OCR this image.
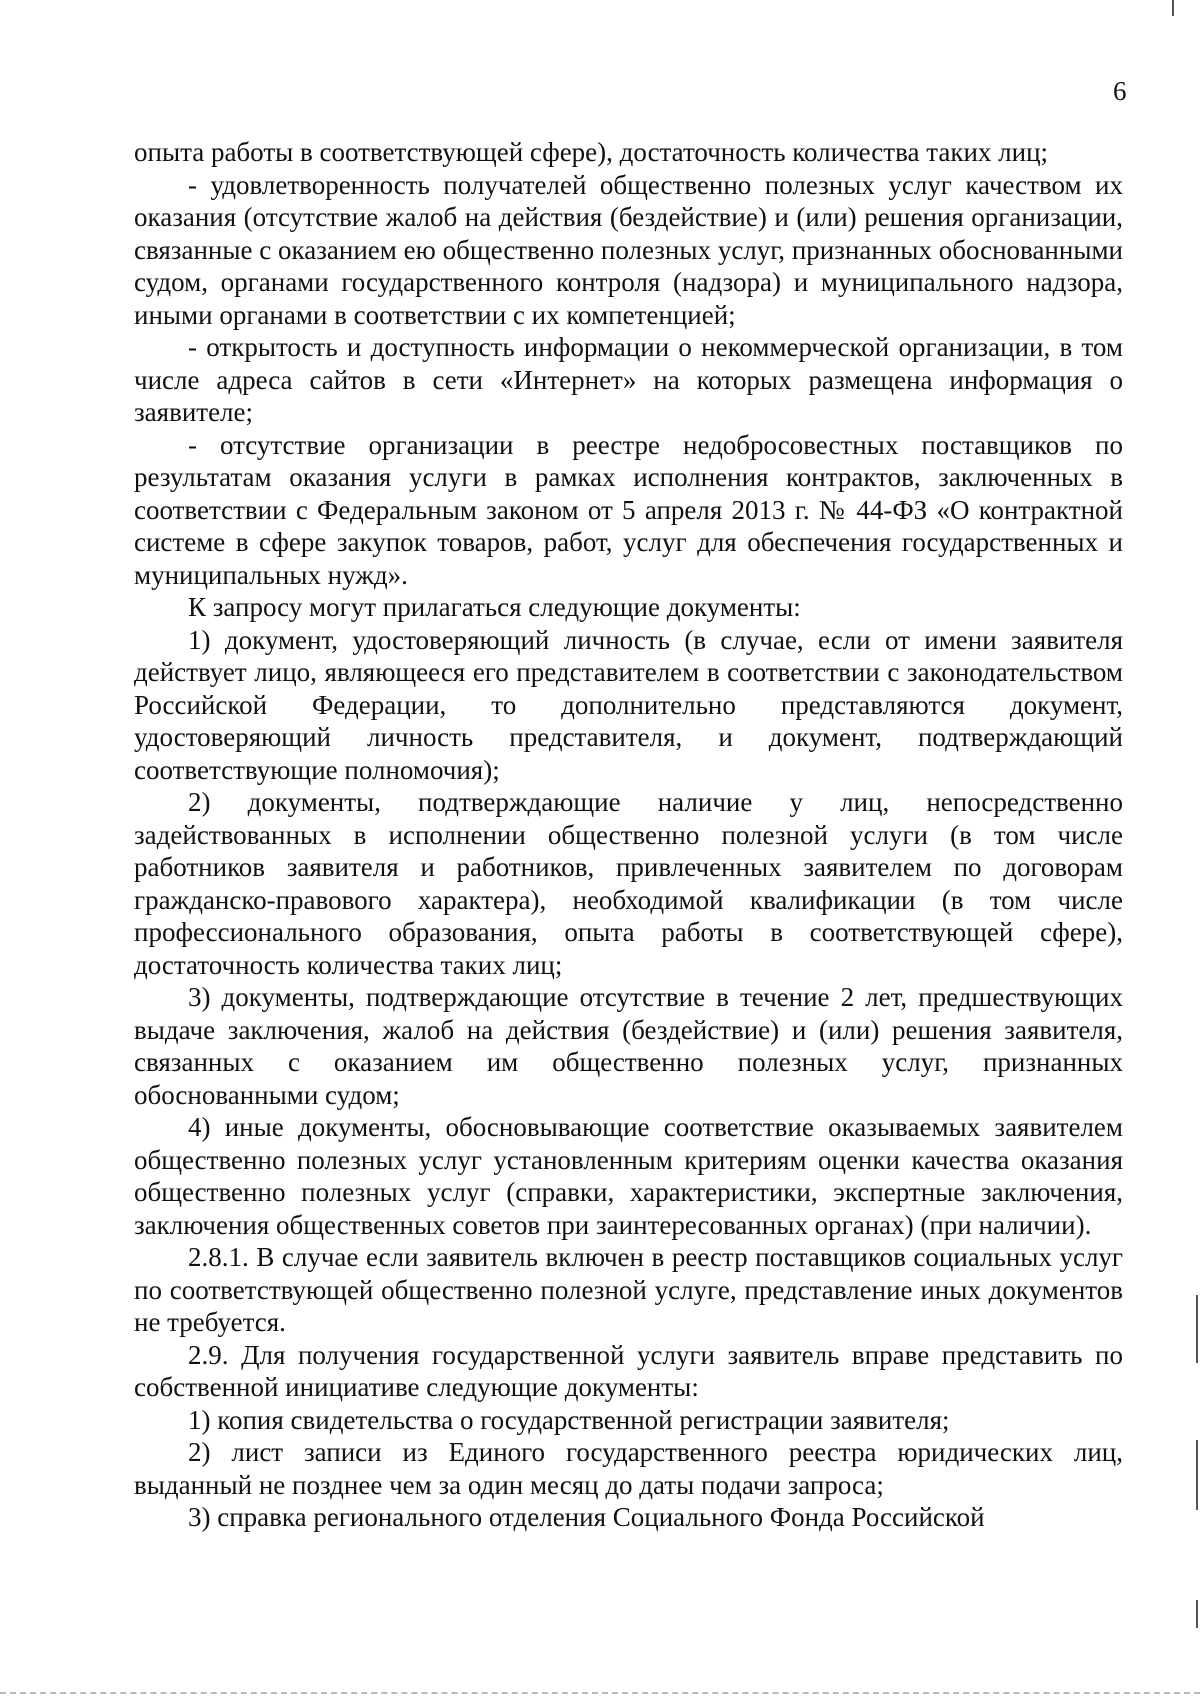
6

опыта работы в соответствующей сфере), достаточность количества таких лиц;

- удовлетворенность получателей общественно полезных услуг качеством их оказания (отсутствие жалоб на действия (бездействие) и (или) решения организации, связанные с оказанием ею общественно полезных услуг, признанных обоснованными судом, органами государственного контроля (надзора) и муниципального надзора, иными органами в соответствии с их компетенцией;

- открытость и доступность информации о некоммерческой организации, в том числе адреса сайтов в сети «Интернет» на которых размещена информация о заявителе;

- отсутствие организации в реестре недобросовестных поставщиков по результатам оказания услуги в рамках исполнения контрактов, заключенных в соответствии с Федеральным законом от 5 апреля 2013 г. № 44-ФЗ «О контрактной системе в сфере закупок товаров, работ, услуг для обеспечения государственных и муниципальных нужд».

К запросу могут прилагаться следующие документы:

1) документ, удостоверяющий личность (в случае, если от имени заявителя действует лицо, являющееся его представителем в соответствии с законодательством Российской Федерации, то дополнительно представляются документ, удостоверяющий личность представителя, и документ, подтверждающий соответствующие полномочия);

2) документы, подтверждающие наличие у лиц, непосредственно задействованных в исполнении общественно полезной услуги (в том числе работников заявителя и работников, привлеченных заявителем по договорам гражданско-правового характера), необходимой квалификации (в том числе профессионального образования, опыта работы в соответствующей сфере), достаточность количества таких лиц;

3) документы, подтверждающие отсутствие в течение 2 лет, предшествующих выдаче заключения, жалоб на действия (бездействие) и (или) решения заявителя, связанных с оказанием им общественно полезных услуг, признанных обоснованными судом;

4) иные документы, обосновывающие соответствие оказываемых заявителем общественно полезных услуг установленным критериям оценки качества оказания общественно полезных услуг (справки, характеристики, экспертные заключения, заключения общественных советов при заинтересованных органах) (при наличии).

2.8.1. В случае если заявитель включен в реестр поставщиков социальных услуг по соответствующей общественно полезной услуге, представление иных документов не требуется.

2.9. Для получения государственной услуги заявитель вправе представить по собственной инициативе следующие документы:

1) копия свидетельства о государственной регистрации заявителя;

2) лист записи из Единого государственного реестра юридических лиц, выданный не позднее чем за один месяц до даты подачи запроса;

3) справка регионального отделения Социального Фонда Российской
